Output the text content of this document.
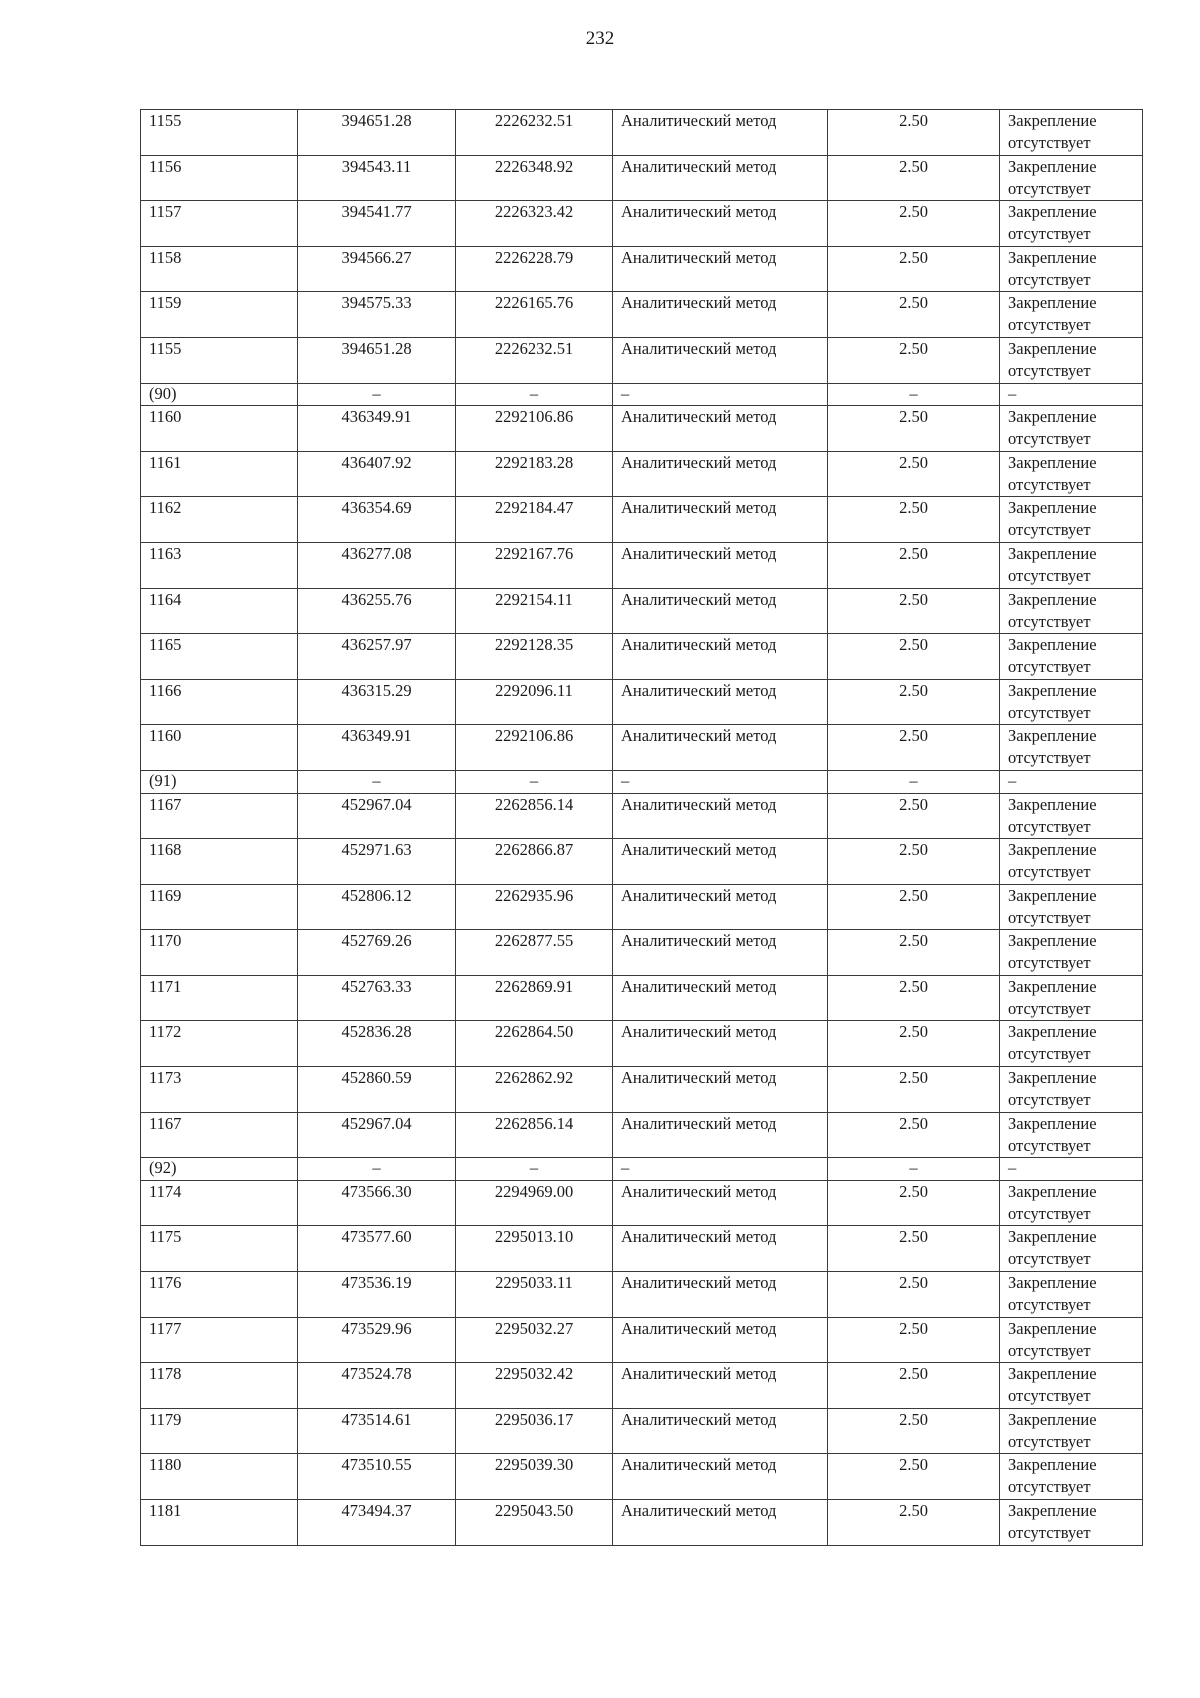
232
1155	394651.28	2226232.51	Аналитический метод	2.50	Закрепление отсутствует
1156	394543.11	2226348.92	Аналитический метод	2.50	Закрепление отсутствует
1157	394541.77	2226323.42	Аналитический метод	2.50	Закрепление отсутствует
1158	394566.27	2226228.79	Аналитический метод	2.50	Закрепление отсутствует
1159	394575.33	2226165.76	Аналитический метод	2.50	Закрепление отсутствует
1155	394651.28	2226232.51	Аналитический метод	2.50	Закрепление отсутствует
(90)	–	–	–	–	–
1160	436349.91	2292106.86	Аналитический метод	2.50	Закрепление отсутствует
1161	436407.92	2292183.28	Аналитический метод	2.50	Закрепление отсутствует
1162	436354.69	2292184.47	Аналитический метод	2.50	Закрепление отсутствует
1163	436277.08	2292167.76	Аналитический метод	2.50	Закрепление отсутствует
1164	436255.76	2292154.11	Аналитический метод	2.50	Закрепление отсутствует
1165	436257.97	2292128.35	Аналитический метод	2.50	Закрепление отсутствует
1166	436315.29	2292096.11	Аналитический метод	2.50	Закрепление отсутствует
1160	436349.91	2292106.86	Аналитический метод	2.50	Закрепление отсутствует
(91)	–	–	–	–	–
1167	452967.04	2262856.14	Аналитический метод	2.50	Закрепление отсутствует
1168	452971.63	2262866.87	Аналитический метод	2.50	Закрепление отсутствует
1169	452806.12	2262935.96	Аналитический метод	2.50	Закрепление отсутствует
1170	452769.26	2262877.55	Аналитический метод	2.50	Закрепление отсутствует
1171	452763.33	2262869.91	Аналитический метод	2.50	Закрепление отсутствует
1172	452836.28	2262864.50	Аналитический метод	2.50	Закрепление отсутствует
1173	452860.59	2262862.92	Аналитический метод	2.50	Закрепление отсутствует
1167	452967.04	2262856.14	Аналитический метод	2.50	Закрепление отсутствует
(92)	–	–	–	–	–
1174	473566.30	2294969.00	Аналитический метод	2.50	Закрепление отсутствует
1175	473577.60	2295013.10	Аналитический метод	2.50	Закрепление отсутствует
1176	473536.19	2295033.11	Аналитический метод	2.50	Закрепление отсутствует
1177	473529.96	2295032.27	Аналитический метод	2.50	Закрепление отсутствует
1178	473524.78	2295032.42	Аналитический метод	2.50	Закрепление отсутствует
1179	473514.61	2295036.17	Аналитический метод	2.50	Закрепление отсутствует
1180	473510.55	2295039.30	Аналитический метод	2.50	Закрепление отсутствует
1181	473494.37	2295043.50	Аналитический метод	2.50	Закрепление отсутствует
